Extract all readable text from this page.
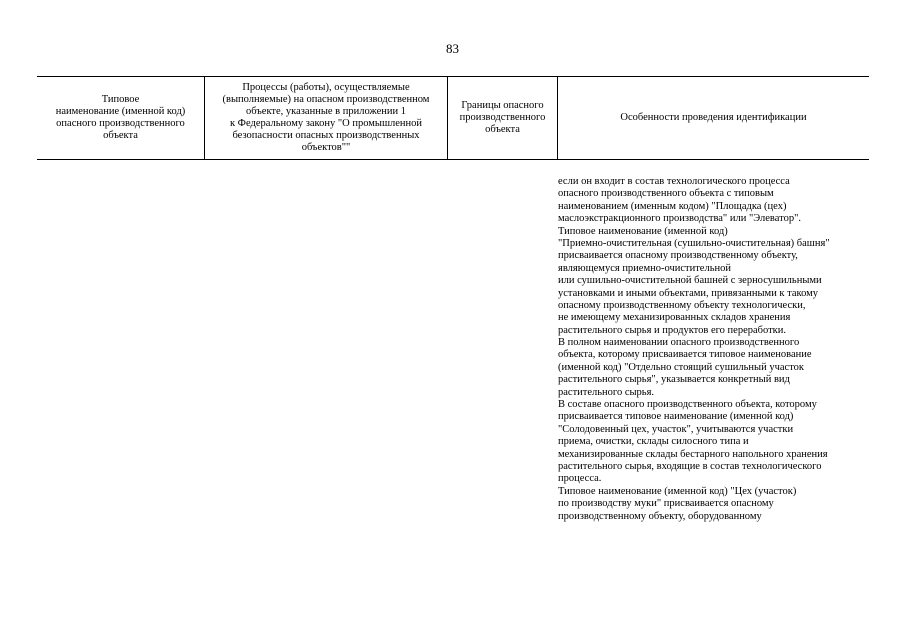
83
Типовое
наименование (именной код)
опасного производственного
объекта
Процессы (работы), осуществляемые
(выполняемые) на опасном производственном
объекте, указанные в приложении 1
к Федеральному закону "О промышленной
безопасности опасных производственных
объектов""
Границы опасного
производственного
объекта
Особенности проведения идентификации
если он входит в состав технологического процесса
опасного производственного объекта с типовым
наименованием (именным кодом) "Площадка (цех)
маслоэкстракционного производства" или "Элеватор".
Типовое наименование (именной код)
"Приемно-очистительная (сушильно-очистительная) башня"
присваивается опасному производственному объекту,
являющемуся приемно-очистительной
или сушильно-очистительной башней с зерносушильными
установками и иными объектами, привязанными к такому
опасному производственному объекту технологически,
не имеющему механизированных складов хранения
растительного сырья и продуктов его переработки.
В полном наименовании опасного производственного
объекта, которому присваивается типовое наименование
(именной код) "Отдельно стоящий сушильный участок
растительного сырья", указывается конкретный вид
растительного сырья.
В составе опасного производственного объекта, которому
присваивается типовое наименование (именной код)
"Солодовенный цех, участок", учитываются участки
приема, очистки, склады силосного типа и
механизированные склады бестарного напольного хранения
растительного сырья, входящие в состав технологического
процесса.
Типовое наименование (именной код) "Цех (участок)
по производству муки" присваивается опасному
производственному объекту, оборудованному
